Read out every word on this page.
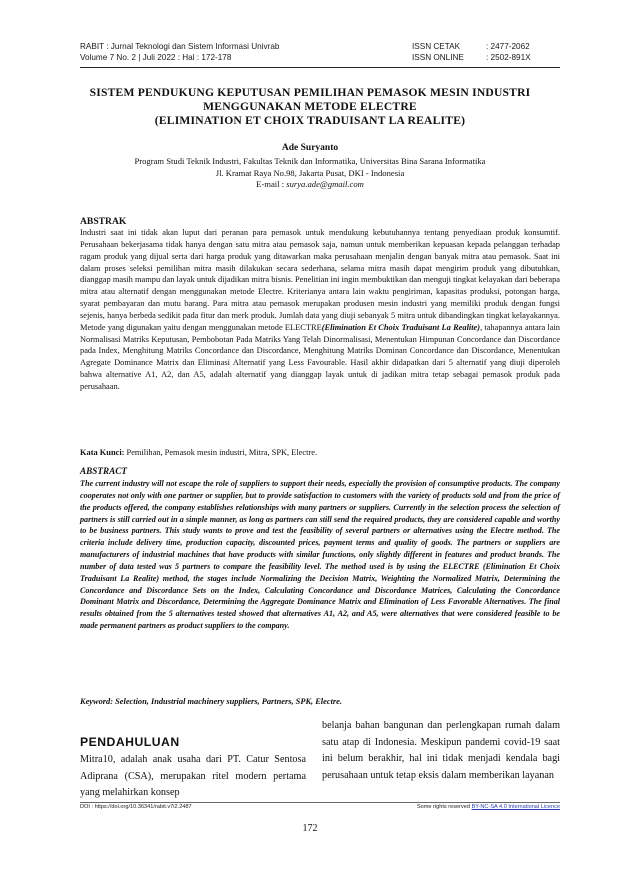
RABIT : Jurnal Teknologi dan Sistem Informasi Univrab	ISSN CETAK	: 2477-2062
Volume 7 No. 2 | Juli 2022 : Hal : 172-178	ISSN ONLINE	: 2502-891X
SISTEM PENDUKUNG KEPUTUSAN PEMILIHAN PEMASOK MESIN INDUSTRI
MENGGUNAKAN METODE ELECTRE
(ELIMINATION ET CHOIX TRADUISANT LA REALITE)
Ade Suryanto
Program Studi Teknik Industri, Fakultas Teknik dan Informatika, Universitas Bina Sarana Informatika
Jl. Kramat Raya No.98, Jakarta Pusat, DKI - Indonesia
E-mail : surya.ade@gmail.com
ABSTRAK

Industri saat ini tidak akan luput dari peranan para pemasok untuk mendukung kebutuhannya tentang penyediaan produk konsumtif. Perusahaan bekerjasama tidak hanya dengan satu mitra atau pemasok saja, namun untuk memberikan kepuasan kepada pelanggan terhadap ragam produk yang dijual serta dari harga produk yang ditawarkan maka perusahaan menjalin dengan banyak mitra atau pemasok. Saat ini dalam proses seleksi pemilihan mitra masih dilakukan secara sederhana, selama mitra masih dapat mengirim produk yang dibutuhkan, dianggap masih mampu dan layak untuk dijadikan mitra bisnis. Penelitian ini ingin membuktikan dan menguji tingkat kelayakan dari beberapa mitra atau alternatif dengan menggunakan metode Electre. Kriterianya antara lain waktu pengiriman, kapasitas produksi, potongan harga, syarat pembayaran dan mutu barang. Para mitra atau pemasok merupakan produsen mesin industri yang memiliki produk dengan fungsi sejenis, hanya berbeda sedikit pada fitur dan merk produk. Jumlah data yang diuji sebanyak 5 mitra untuk dibandingkan tingkat kelayakannya. Metode yang digunakan yaitu dengan menggunakan metode ELECTRE(Elimination Et Choix Traduisant La Realite), tahapannya antara lain Normalisasi Matriks Keputusan, Pembobotan Pada Matriks Yang Telah Dinormalisasi, Menentukan Himpunan Concordance dan Discordance pada Index, Menghitung Matriks Concordance dan Discordance, Menghitung Matriks Dominan Concordance dan Discordance, Menentukan Agregate Dominance Matrix dan Eliminasi Alternatif yang Less Favourable. Hasil akhir didapatkan dari 5 alternatif yang diuji diperoleh bahwa alternative A1, A2, dan A5, adalah alternatif yang dianggap layak untuk di jadikan mitra tetap sebagai pemasok produk pada perusahaan.

Kata Kunci: Pemilihan, Pemasok mesin industri, Mitra, SPK, Electre.
ABSTRACT

The current industry will not escape the role of suppliers to support their needs, especially the provision of consumptive products. The company cooperates not only with one partner or supplier, but to provide satisfaction to customers with the variety of products sold and from the price of the products offered, the company establishes relationships with many partners or suppliers. Currently in the selection process the selection of partners is still carried out in a simple manner, as long as partners can still send the required products, they are considered capable and worthy to be business partners. This study wants to prove and test the feasibility of several partners or alternatives using the Electre method. The criteria include delivery time, production capacity, discounted prices, payment terms and quality of goods. The partners or suppliers are manufacturers of industrial machines that have products with similar functions, only slightly different in features and product brands. The number of data tested was 5 partners to compare the feasibility level. The method used is by using the ELECTRE (Elimination Et Choix Traduisant La Realite) method, the stages include Normalizing the Decision Matrix, Weighting the Normalized Matrix, Determining the Concordance and Discordance Sets on the Index, Calculating Concordance and Discordance Matrices, Calculating the Concordance Dominant Matrix and Discordance, Determining the Aggregate Dominance Matrix and Elimination of Less Favorable Alternatives. The final results obtained from the 5 alternatives tested showed that alternatives A1, A2, and A5, were alternatives that were considered feasible to be made permanent partners as product suppliers to the company.

Keyword: Selection, Industrial machinery suppliers, Partners, SPK, Electre.
PENDAHULUAN

Mitra10, adalah anak usaha dari PT. Catur Sentosa Adiprana (CSA), merupakan ritel modern pertama yang melahirkan konsep

belanja bahan bangunan dan perlengkapan rumah dalam satu atap di Indonesia. Meskipun pandemi covid-19 saat ini belum berakhir, hal ini tidak menjadi kendala bagi perusahaan untuk tetap eksis dalam memberikan layanan

DOI : https://doi.org/10.36341/rabit.v7i2.2487	Some rights reserved BY-NC-SA 4.0 International Licence
172
